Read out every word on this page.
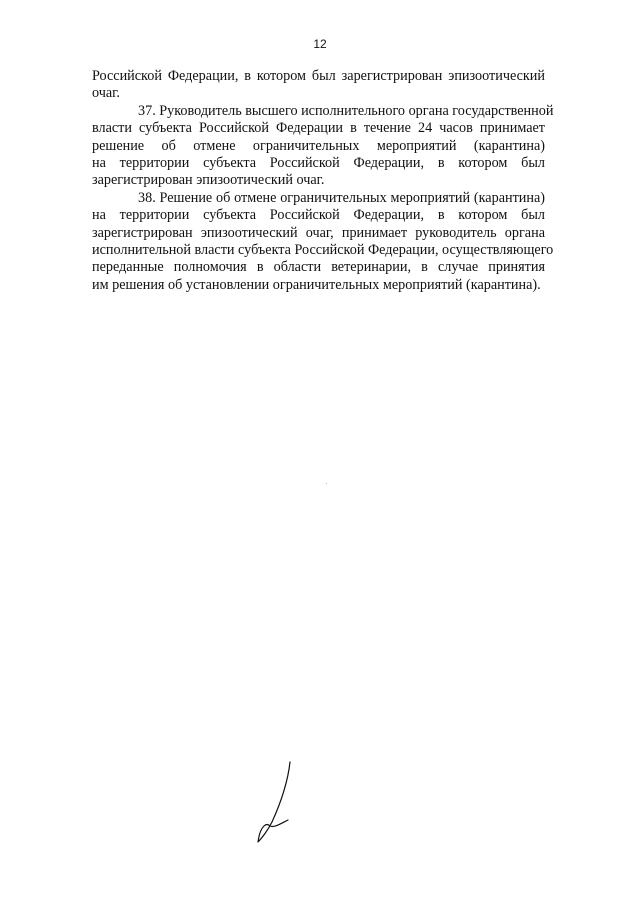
12

Российской Федерации, в котором был зарегистрирован эпизоотический
очаг.

37. Руководитель высшего исполнительного органа государственной
власти субъекта Российской Федерации в течение 24 часов принимает
решение об отмене ограничительных мероприятий (карантина)
на территории субъекта Российской Федерации, в котором был
зарегистрирован эпизоотический очаг.

38. Решение об отмене ограничительных мероприятий (карантина)
на территории субъекта Российской Федерации, в котором был
зарегистрирован эпизоотический очаг, принимает руководитель органа
исполнительной власти субъекта Российской Федерации, осуществляющего
переданные полномочия в области ветеринарии, в случае принятия
им решения об установлении ограничительных мероприятий (карантина).
